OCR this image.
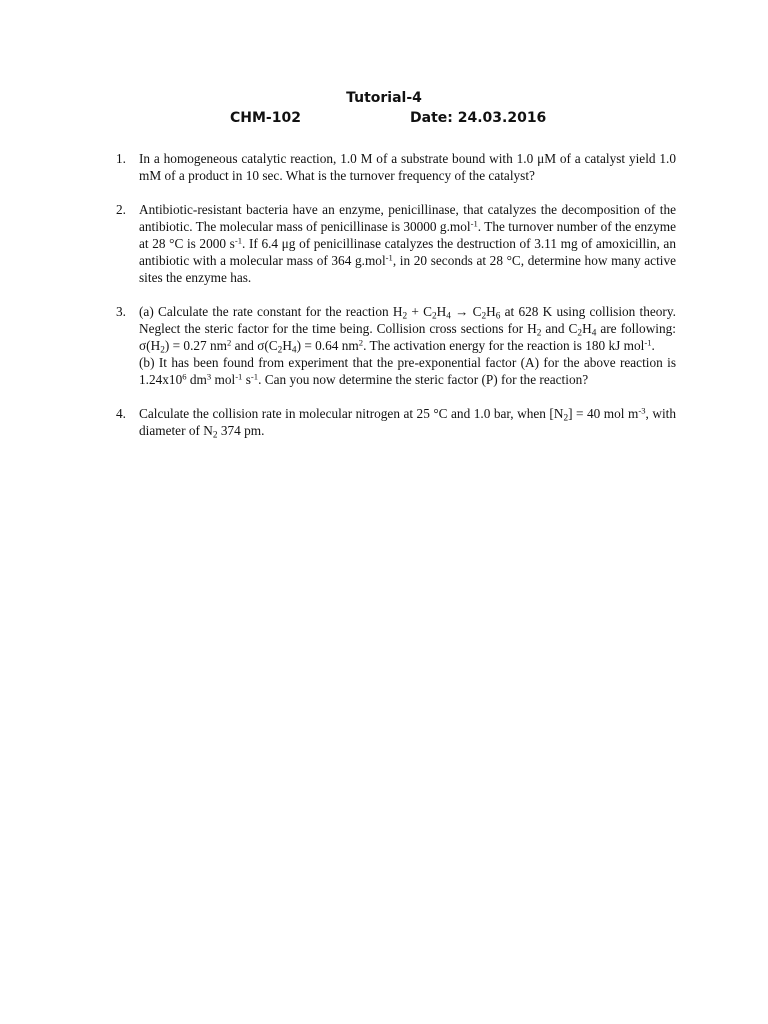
Tutorial-4
CHM-102	Date: 24.03.2016
1. In a homogeneous catalytic reaction, 1.0 M of a substrate bound with 1.0 μM of a catalyst yield 1.0 mM of a product in 10 sec. What is the turnover frequency of the catalyst?
2. Antibiotic-resistant bacteria have an enzyme, penicillinase, that catalyzes the decomposition of the antibiotic. The molecular mass of penicillinase is 30000 g.mol$^{-1}$. The turnover number of the enzyme at 28 °C is 2000 $s^{-1}$. If 6.4 μg of penicillinase catalyzes the destruction of 3.11 mg of amoxicillin, an antibiotic with a molecular mass of 364 g.mol$^{-1}$, in 20 seconds at 28 °C, determine how many active sites the enzyme has.
3. (a) Calculate the rate constant for the reaction $H_2 + C_2H_4 \to C_2H_6$ at 628 K using collision theory. Neglect the steric factor for the time being. Collision cross sections for $H_2$ and $C_2H_4$ are following: $\sigma(H_2) = 0.27$ $nm^2$ and $\sigma(C_2H_4) = 0.64$ $nm^2$. The activation energy for the reaction is 180 kJ mol$^{-1}$.
(b) It has been found from experiment that the pre-exponential factor (A) for the above reaction is $1.24x10^6$ $dm^3$ mol$^{-1}$ $s^{-1}$. Can you now determine the steric factor (P) for the reaction?
4. Calculate the collision rate in molecular nitrogen at 25 °C and 1.0 bar, when $[N_2] = 40$ mol $m^{-3}$, with diameter of $N_2$ 374 pm.
